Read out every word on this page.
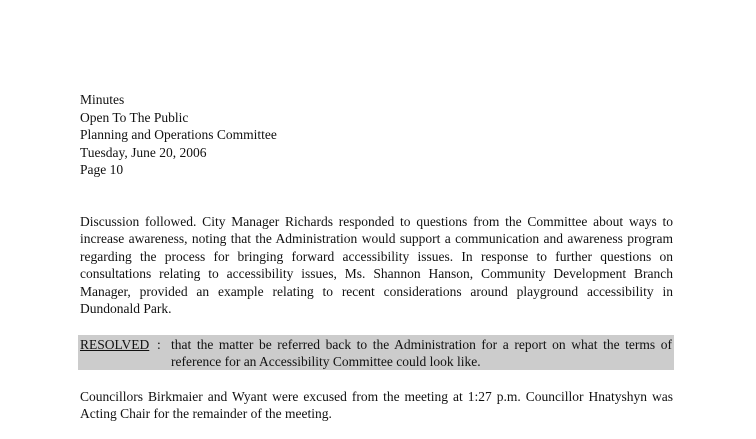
Minutes
Open To The Public
Planning and Operations Committee
Tuesday, June 20, 2006
Page 10

Discussion followed. City Manager Richards responded to questions from the Committee about ways to increase awareness, noting that the Administration would support a communication and awareness program regarding the process for bringing forward accessibility issues. In response to further questions on consultations relating to accessibility issues, Ms. Shannon Hanson, Community Development Branch Manager, provided an example relating to recent considerations around playground accessibility in Dundonald Park.

RESOLVED : that the matter be referred back to the Administration for a report on what the terms of reference for an Accessibility Committee could look like.

Councillors Birkmaier and Wyant were excused from the meeting at 1:27 p.m. Councillor Hnatyshyn was Acting Chair for the remainder of the meeting.
